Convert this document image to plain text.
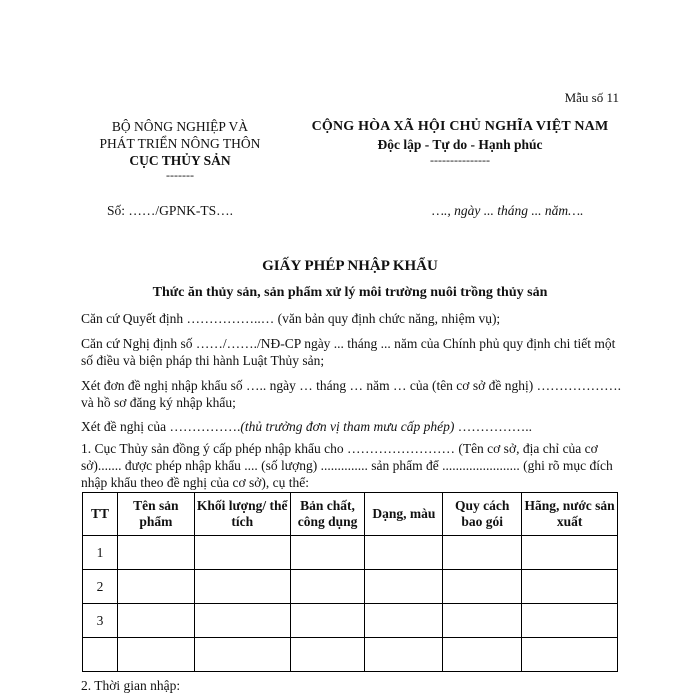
Mẫu số 11
BỘ NÔNG NGHIỆP VÀ
PHÁT TRIỂN NÔNG THÔN
CỤC THỦY SẢN
-------
CỘNG HÒA XÃ HỘI CHỦ NGHĨA VIỆT NAM
Độc lập - Tự do - Hạnh phúc
---------------
Số: ……/GPNK-TS….	…., ngày ... tháng ... năm….
GIẤY PHÉP NHẬP KHẨU
Thức ăn thủy sản, sản phẩm xử lý môi trường nuôi trồng thủy sản
Căn cứ Quyết định ……………..… (văn bản quy định chức năng, nhiệm vụ);
Căn cứ Nghị định số ……/……./NĐ-CP ngày ... tháng ... năm của Chính phủ quy định chi tiết một số điều và biện pháp thi hành Luật Thủy sản;
Xét đơn đề nghị nhập khẩu số ….. ngày … tháng … năm … của (tên cơ sở đề nghị) ………………. và hồ sơ đăng ký nhập khẩu;
Xét đề nghị của …………….(thủ trưởng đơn vị tham mưu cấp phép) ……………..
1. Cục Thủy sản đồng ý cấp phép nhập khẩu cho …………………… (Tên cơ sở, địa chỉ của cơ sở)....... được phép nhập khẩu .... (số lượng) .............. sản phẩm để ....................... (ghi rõ mục đích nhập khẩu theo đề nghị của cơ sở), cụ thể:
TT	Tên sản phẩm	Khối lượng/ thể tích	Bản chất, công dụng	Dạng, màu	Quy cách bao gói	Hãng, nước sản xuất
1						
2						
3						

2. Thời gian nhập:
